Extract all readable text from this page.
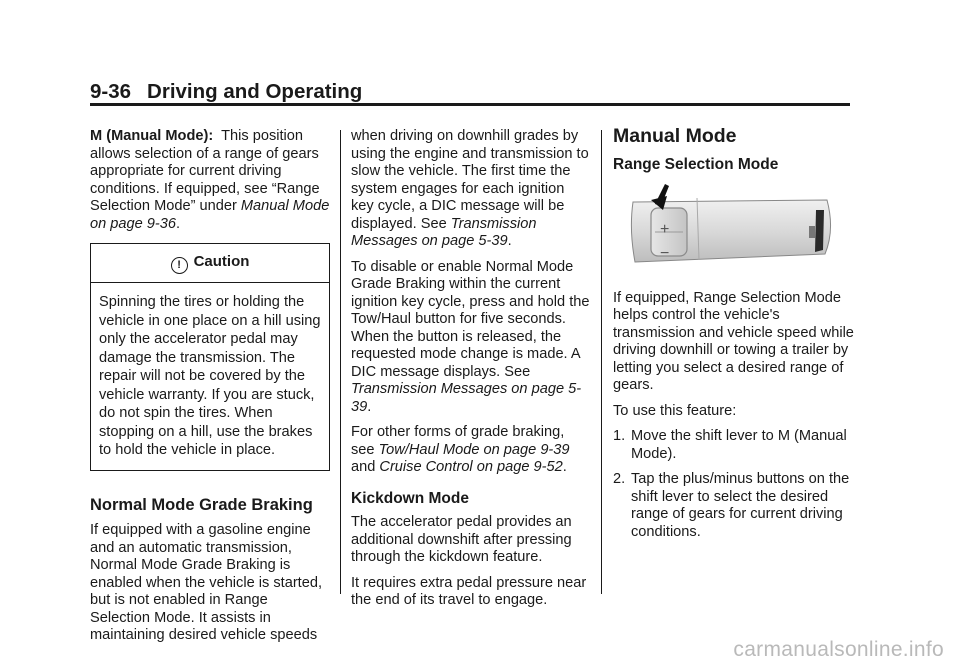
9-36 Driving and Operating

M (Manual Mode): This position allows selection of a range of gears appropriate for current driving conditions. If equipped, see “Range Selection Mode” under Manual Mode on page 9-36.

! Caution
Spinning the tires or holding the vehicle in one place on a hill using only the accelerator pedal may damage the transmission. The repair will not be covered by the vehicle warranty. If you are stuck, do not spin the tires. When stopping on a hill, use the brakes to hold the vehicle in place.
Normal Mode Grade Braking

If equipped with a gasoline engine and an automatic transmission, Normal Mode Grade Braking is enabled when the vehicle is started, but is not enabled in Range Selection Mode. It assists in maintaining desired vehicle speeds

when driving on downhill grades by using the engine and transmission to slow the vehicle. The first time the system engages for each ignition key cycle, a DIC message will be displayed. See Transmission Messages on page 5-39.

To disable or enable Normal Mode Grade Braking within the current ignition key cycle, press and hold the Tow/Haul button for five seconds. When the button is released, the requested mode change is made. A DIC message displays. See Transmission Messages on page 5-39.

For other forms of grade braking, see Tow/Haul Mode on page 9-39
and Cruise Control on page 9-52.

Kickdown Mode

The accelerator pedal provides an additional downshift after pressing through the kickdown feature.

It requires extra pedal pressure near the end of its travel to engage.

Manual Mode
Range Selection Mode
+
−

If equipped, Range Selection Mode helps control the vehicle's transmission and vehicle speed while driving downhill or towing a trailer by letting you select a desired range of gears.

To use this feature:

1. Move the shift lever to M (Manual Mode).
2. Tap the plus/minus buttons on the shift lever to select the desired range of gears for current driving conditions.
carmanualsonline.info
